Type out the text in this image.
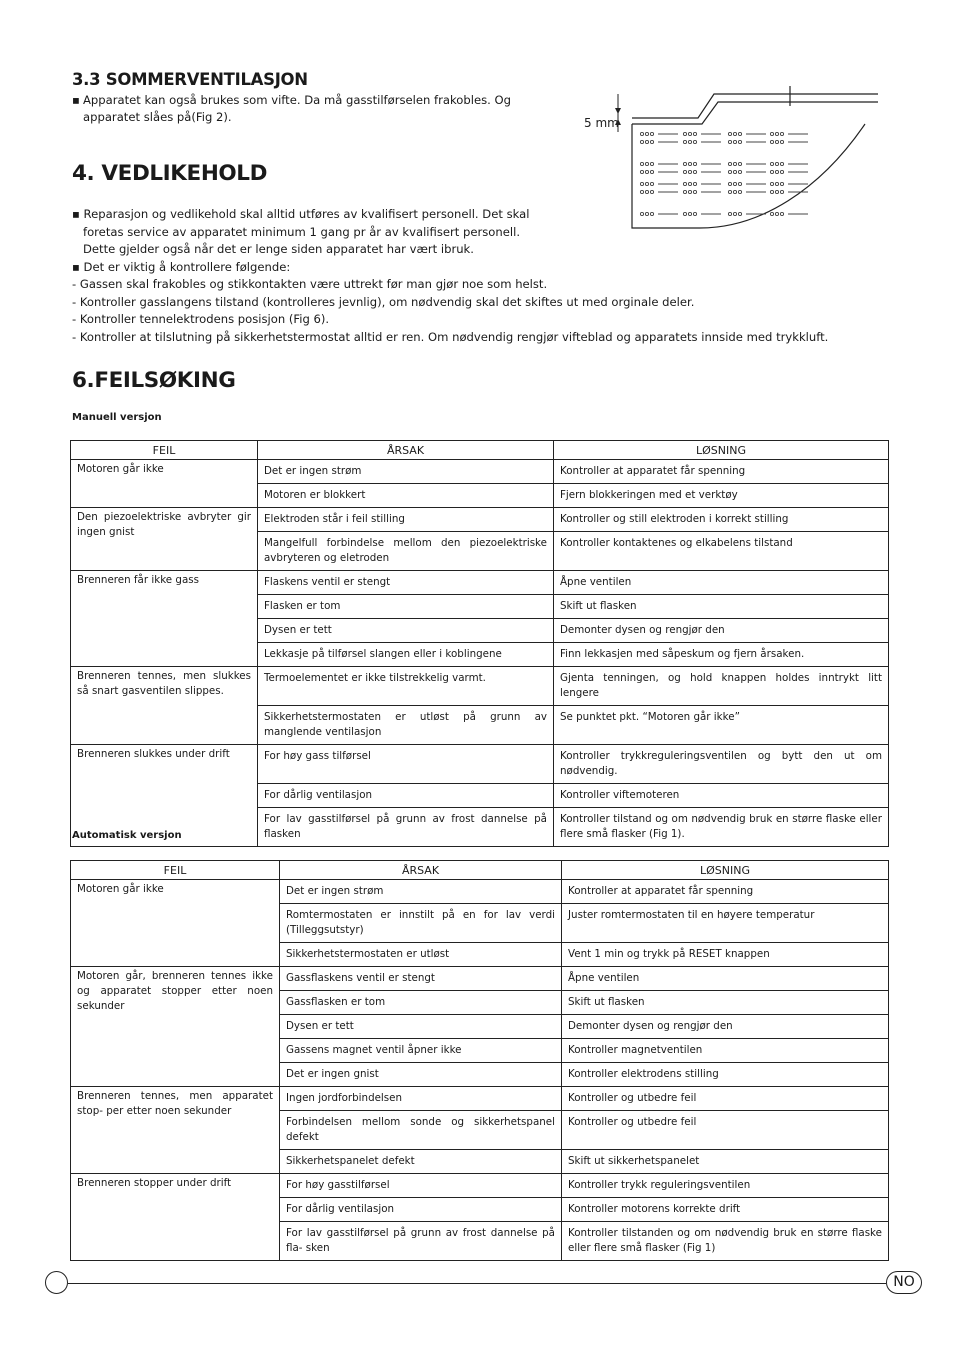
3.3 SOMMERVENTILASJON
▪ Apparatet kan også brukes som vifte. Da må gasstilførselen frakobles. Og apparatet slåes på(Fig 2).	5 mm
4. VEDLIKEHOLD
▪ Reparasjon og vedlikehold skal alltid utføres av kvalifisert personell. Det skal
foretas service av apparatet minimum 1 gang pr år av kvalifisert personell.
Dette gjelder også når det er lenge siden apparatet har vært ibruk.
▪ Det er viktig å kontrollere følgende:
- Gassen skal frakobles og stikkontakten være uttrekt før man gjør noe som helst.
- Kontroller gasslangens tilstand (kontrolleres jevnlig), om nødvendig skal det skiftes ut med orginale deler.
- Kontroller tennelektrodens posisjon (Fig 6).
- Kontroller at tilslutning på sikkerhetstermostat alltid er ren. Om nødvendig rengjør vifteblad og apparatets innside med trykkluft.
6.FEILSØKING
Manuell versjon
FEIL	ÅRSAK	LØSNING
Motoren går ikke	Det er ingen strøm	Kontroller at apparatet får spenning
	Motoren er blokkert	Fjern blokkeringen med et verktøy
Den piezoelektriske avbryter gir ingen gnist	Elektroden står i feil stilling	Kontroller og still elektroden i korrekt stilling
	Mangelfull forbindelse mellom den piezoelektriske avbryteren og eletroden	Kontroller kontaktenes og elkabelens tilstand
Brenneren får ikke gass	Flaskens ventil er stengt	Åpne ventilen
	Flasken er tom	Skift ut flasken
	Dysen er tett	Demonter dysen og rengjør den
	Lekkasje på tilførsel slangen eller i koblingene	Finn lekkasjen med såpeskum og fjern årsaken.
Brenneren tennes, men slukkes så snart gasventilen slippes.	Termoelementet er ikke tilstrekkelig varmt.	Gjenta tenningen, og hold knappen holdes inntrykt litt lengere
	Sikkerhetstermostaten er utløst på grunn av manglende ventilasjon	Se punktet pkt. “Motoren går ikke”
Brenneren slukkes under drift	For høy gass tilførsel	Kontroller trykkreguleringsventilen og bytt den ut om nødvendig.
	For dårlig ventilasjon	Kontroller viftemoteren
	For lav gasstilførsel på grunn av frost dannelse på flasken	Kontroller tilstand og om nødvendig bruk en større flaske eller flere små flasker (Fig 1).
Automatisk versjon
FEIL	ÅRSAK	LØSNING
Motoren går ikke	Det er ingen strøm	Kontroller at apparatet får spenning
	Romtermostaten er innstilt på en for lav verdi (Tilleggsutstyr)	Juster romtermostaten til en høyere temperatur
	Sikkerhetstermostaten er utløst	Vent 1 min og trykk på RESET knappen
Motoren går, brenneren tennes ikke og apparatet stopper etter noen sekunder	Gassflaskens ventil er stengt	Åpne ventilen
	Gassflasken er tom	Skift ut flasken
	Dysen er tett	Demonter dysen og rengjør den
	Gassens magnet ventil åpner ikke	Kontroller magnetventilen
	Det er ingen gnist	Kontroller elektrodens stilling
Brenneren tennes, men apparatet stop- per etter noen sekunder	Ingen jordforbindelsen	Kontroller og utbedre feil
	Forbindelsen mellom sonde og sikkerhetspanel defekt	Kontroller og utbedre feil
	Sikkerhetspanelet defekt	Skift ut sikkerhetspanelet
Brenneren stopper under drift	For høy gasstilførsel	Kontroller trykk reguleringsventilen
	For dårlig ventilasjon	Kontroller motorens korrekte drift
	For lav gasstilførsel på grunn av frost dannelse på fla- sken	Kontroller tilstanden og om nødvendig bruk en større flaske eller flere små flasker (Fig 1)
NO
